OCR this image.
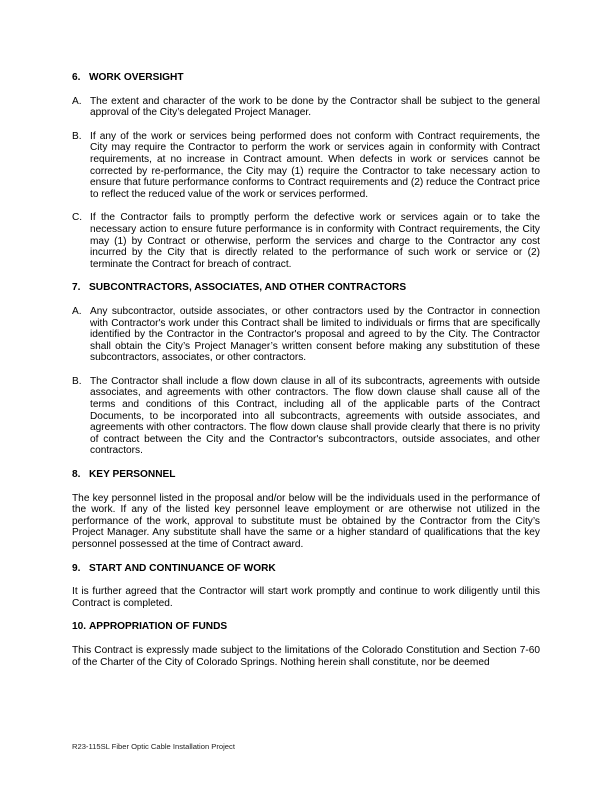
6. WORK OVERSIGHT
A. The extent and character of the work to be done by the Contractor shall be subject to the general approval of the City’s delegated Project Manager.
B. If any of the work or services being performed does not conform with Contract requirements, the City may require the Contractor to perform the work or services again in conformity with Contract requirements, at no increase in Contract amount. When defects in work or services cannot be corrected by re-performance, the City may (1) require the Contractor to take necessary action to ensure that future performance conforms to Contract requirements and (2) reduce the Contract price to reflect the reduced value of the work or services performed.
C. If the Contractor fails to promptly perform the defective work or services again or to take the necessary action to ensure future performance is in conformity with Contract requirements, the City may (1) by Contract or otherwise, perform the services and charge to the Contractor any cost incurred by the City that is directly related to the performance of such work or service or (2) terminate the Contract for breach of contract.
7. SUBCONTRACTORS, ASSOCIATES, AND OTHER CONTRACTORS
A. Any subcontractor, outside associates, or other contractors used by the Contractor in connection with Contractor's work under this Contract shall be limited to individuals or firms that are specifically identified by the Contractor in the Contractor's proposal and agreed to by the City. The Contractor shall obtain the City’s Project Manager’s written consent before making any substitution of these subcontractors, associates, or other contractors.
B. The Contractor shall include a flow down clause in all of its subcontracts, agreements with outside associates, and agreements with other contractors. The flow down clause shall cause all of the terms and conditions of this Contract, including all of the applicable parts of the Contract Documents, to be incorporated into all subcontracts, agreements with outside associates, and agreements with other contractors. The flow down clause shall provide clearly that there is no privity of contract between the City and the Contractor's subcontractors, outside associates, and other contractors.
8. KEY PERSONNEL

The key personnel listed in the proposal and/or below will be the individuals used in the performance of the work. If any of the listed key personnel leave employment or are otherwise not utilized in the performance of the work, approval to substitute must be obtained by the Contractor from the City’s Project Manager. Any substitute shall have the same or a higher standard of qualifications that the key personnel possessed at the time of Contract award.

9. START AND CONTINUANCE OF WORK

It is further agreed that the Contractor will start work promptly and continue to work diligently until this Contract is completed.

10. APPROPRIATION OF FUNDS

This Contract is expressly made subject to the limitations of the Colorado Constitution and Section 7-60 of the Charter of the City of Colorado Springs. Nothing herein shall constitute, nor be deemed

R23-115SL Fiber Optic Cable Installation Project
